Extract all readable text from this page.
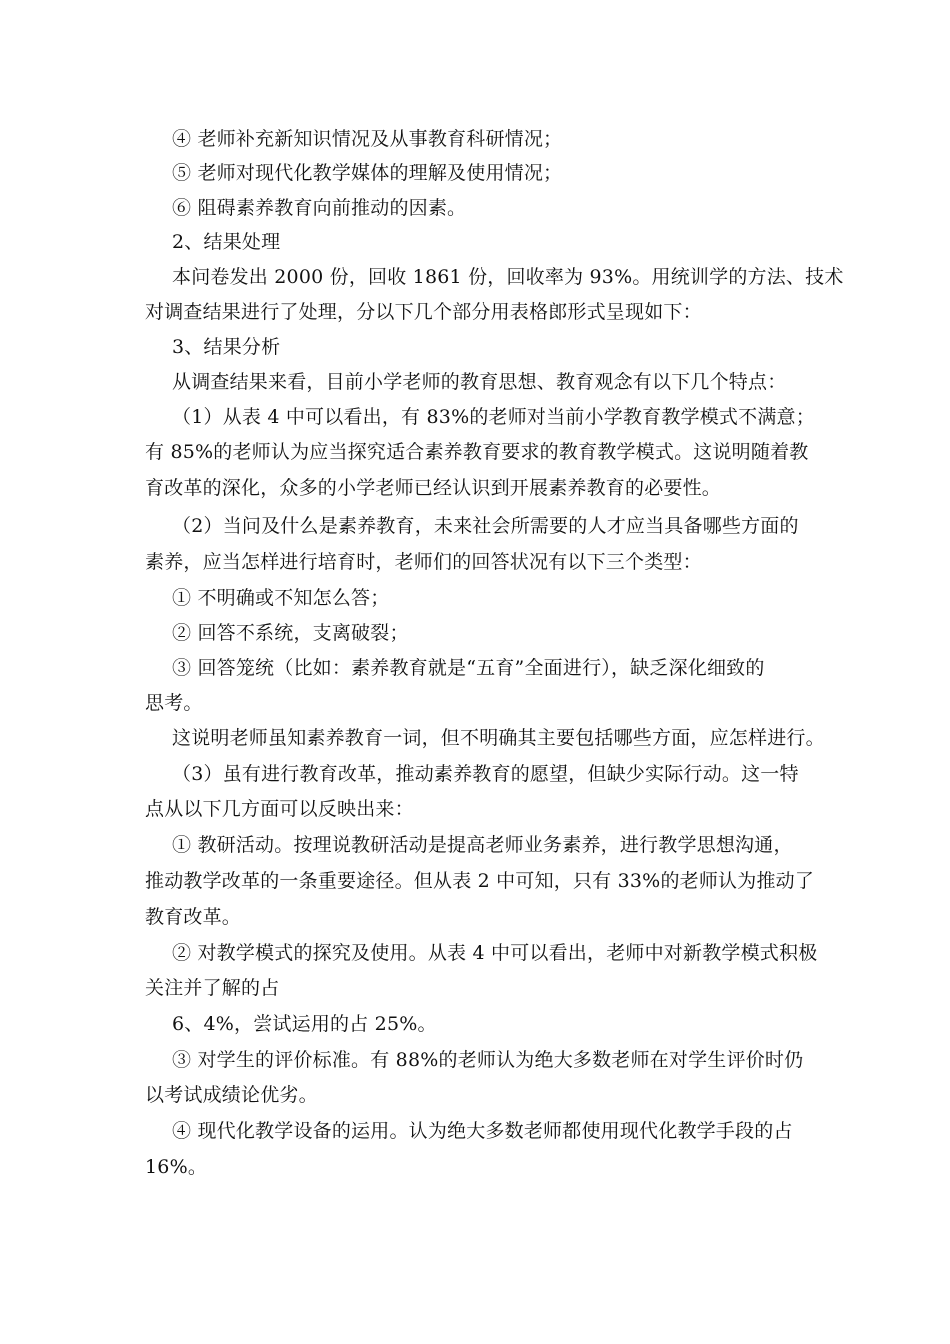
④ 老师补充新知识情况及从事教育科研情况；
⑤ 老师对现代化教学媒体的理解及使用情况；
⑥ 阻碍素养教育向前推动的因素。
2、结果处理
本问卷发出 2000 份，回收 1861 份，回收率为 93%。用统训学的方法、技术
对调查结果进行了处理，分以下几个部分用表格郎形式呈现如下：
3、结果分析
从调查结果来看，目前小学老师的教育思想、教育观念有以下几个特点：
（1）从表 4 中可以看出，有 83%的老师对当前小学教育教学模式不满意；
有 85%的老师认为应当探究适合素养教育要求的教育教学模式。这说明随着教
育改革的深化，众多的小学老师已经认识到开展素养教育的必要性。
（2）当问及什么是素养教育，未来社会所需要的人才应当具备哪些方面的
素养，应当怎样进行培育时，老师们的回答状况有以下三个类型：
① 不明确或不知怎么答；
② 回答不系统，支离破裂；
③ 回答笼统（比如：素养教育就是“五育”全面进行），缺乏深化细致的
思考。
这说明老师虽知素养教育一词，但不明确其主要包括哪些方面，应怎样进行。
（3）虽有进行教育改革，推动素养教育的愿望，但缺少实际行动。这一特
点从以下几方面可以反映出来：
① 教研活动。按理说教研活动是提高老师业务素养，进行教学思想沟通，
推动教学改革的一条重要途径。但从表 2 中可知，只有 33%的老师认为推动了
教育改革。
② 对教学模式的探究及使用。从表 4 中可以看出，老师中对新教学模式积极
关注并了解的占
6、4%，尝试运用的占 25%。
③ 对学生的评价标准。有 88%的老师认为绝大多数老师在对学生评价时仍
以考试成绩论优劣。
④ 现代化教学设备的运用。认为绝大多数老师都使用现代化教学手段的占
16%。
